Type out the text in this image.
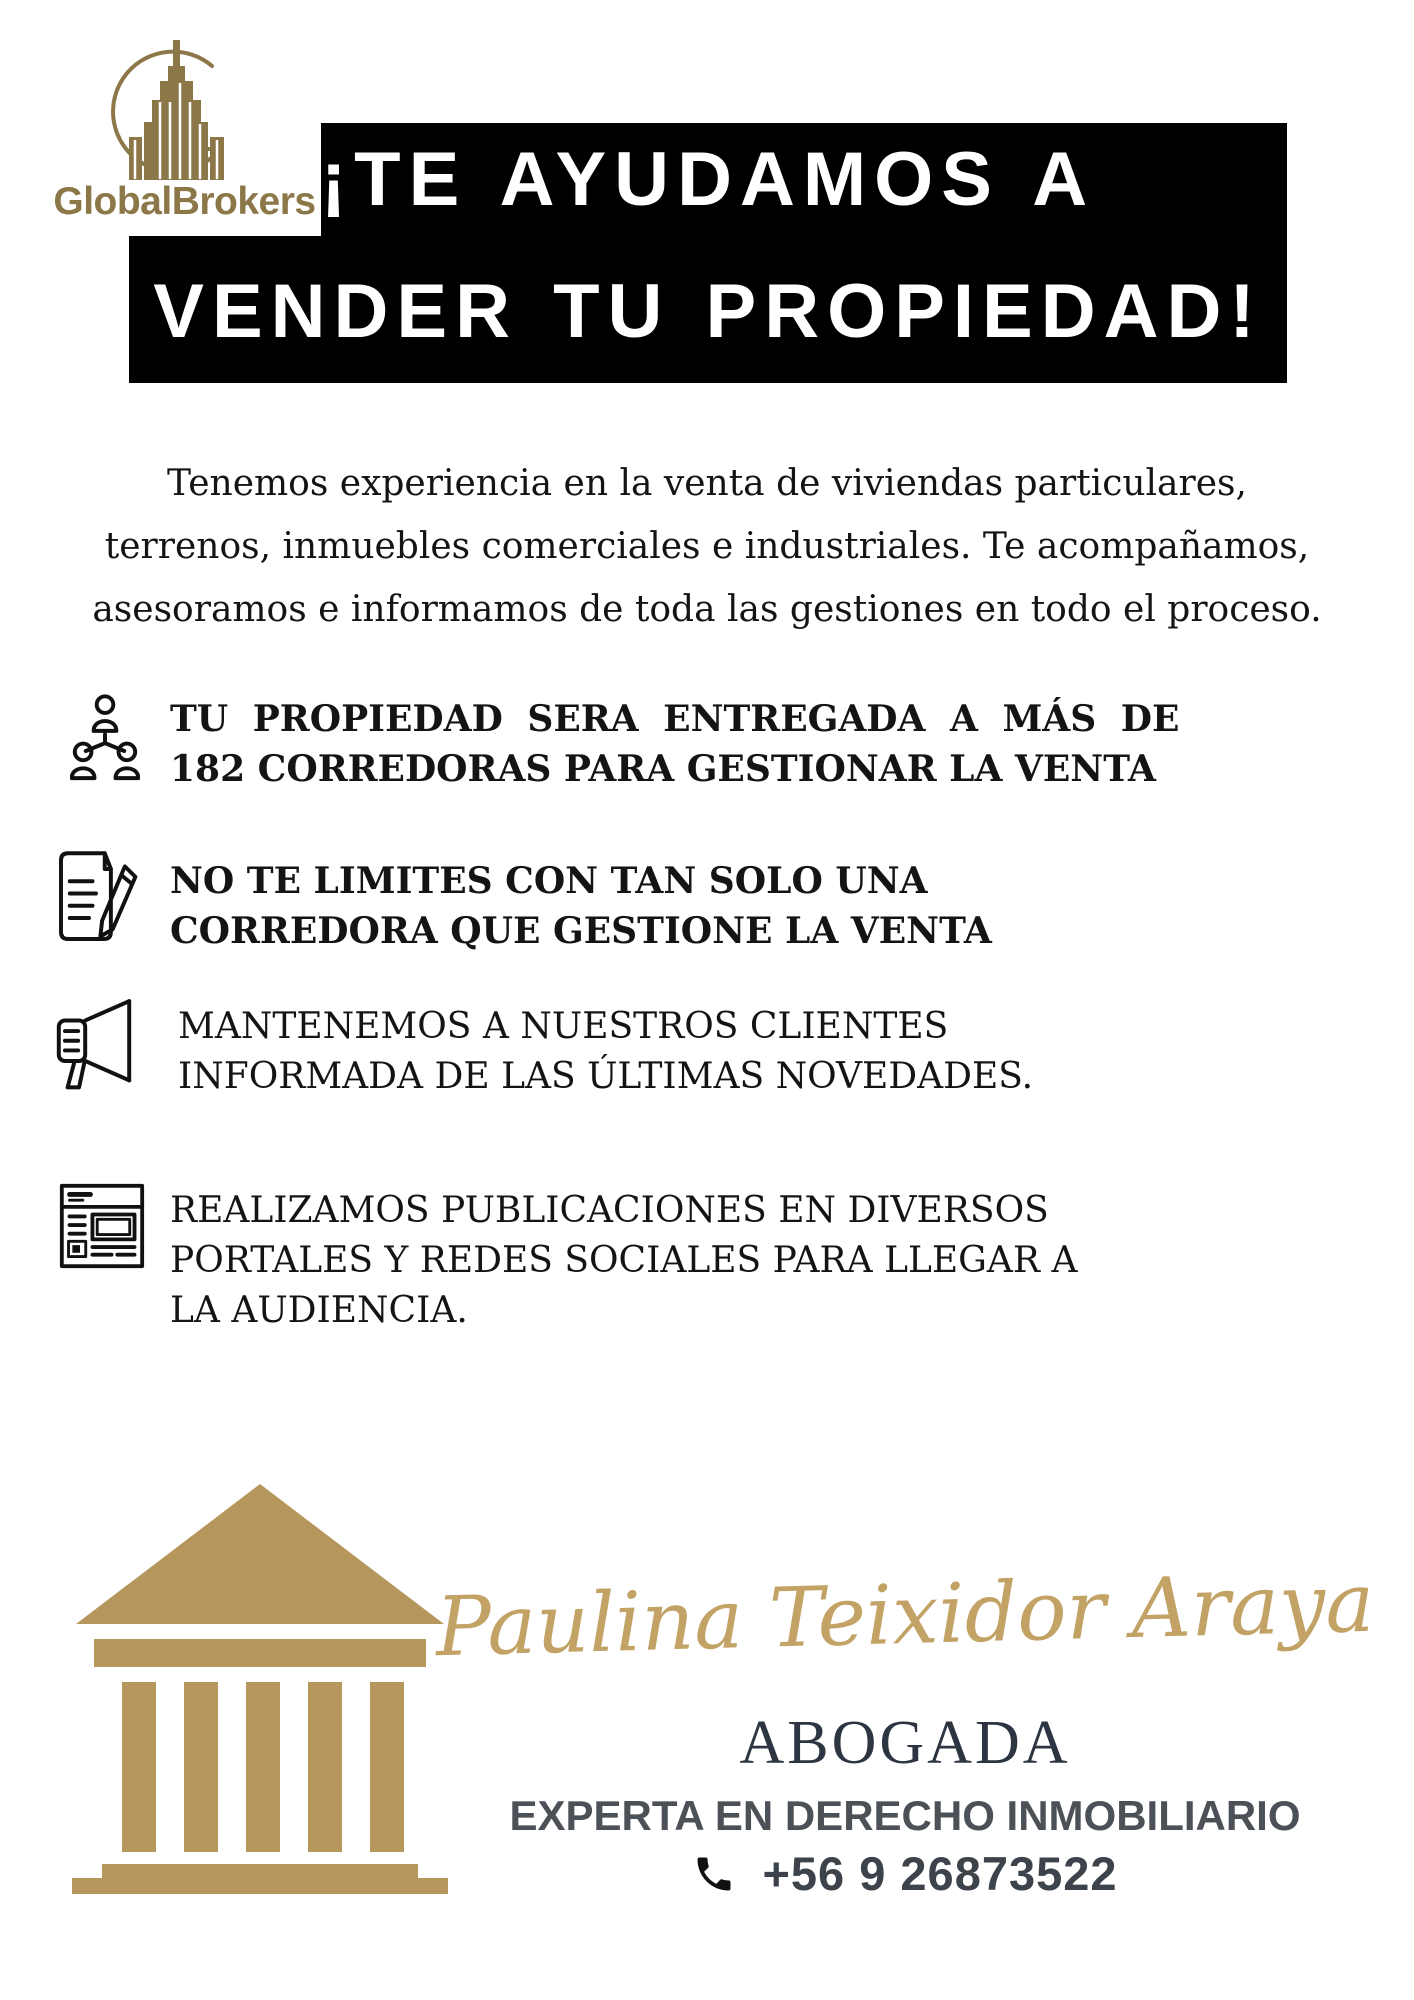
GlobalBrokers ¡TE AYUDAMOS A
VENDER TU PROPIEDAD!
Tenemos experiencia en la venta de viviendas particulares,
terrenos, inmuebles comerciales e industriales. Te acompañamos,
asesoramos e informamos de toda las gestiones en todo el proceso.
TU PROPIEDAD SERA ENTREGADA A MÁS DE
182 CORREDORAS PARA GESTIONAR LA VENTA
NO TE LIMITES CON TAN SOLO UNA
CORREDORA QUE GESTIONE LA VENTA
MANTENEMOS A NUESTROS CLIENTES
INFORMADA DE LAS ÚLTIMAS NOVEDADES.
REALIZAMOS PUBLICACIONES EN DIVERSOS
PORTALES Y REDES SOCIALES PARA LLEGAR A
LA AUDIENCIA.
Paulina Teixidor Araya
ABOGADA
EXPERTA EN DERECHO INMOBILIARIO
+56 9 26873522
